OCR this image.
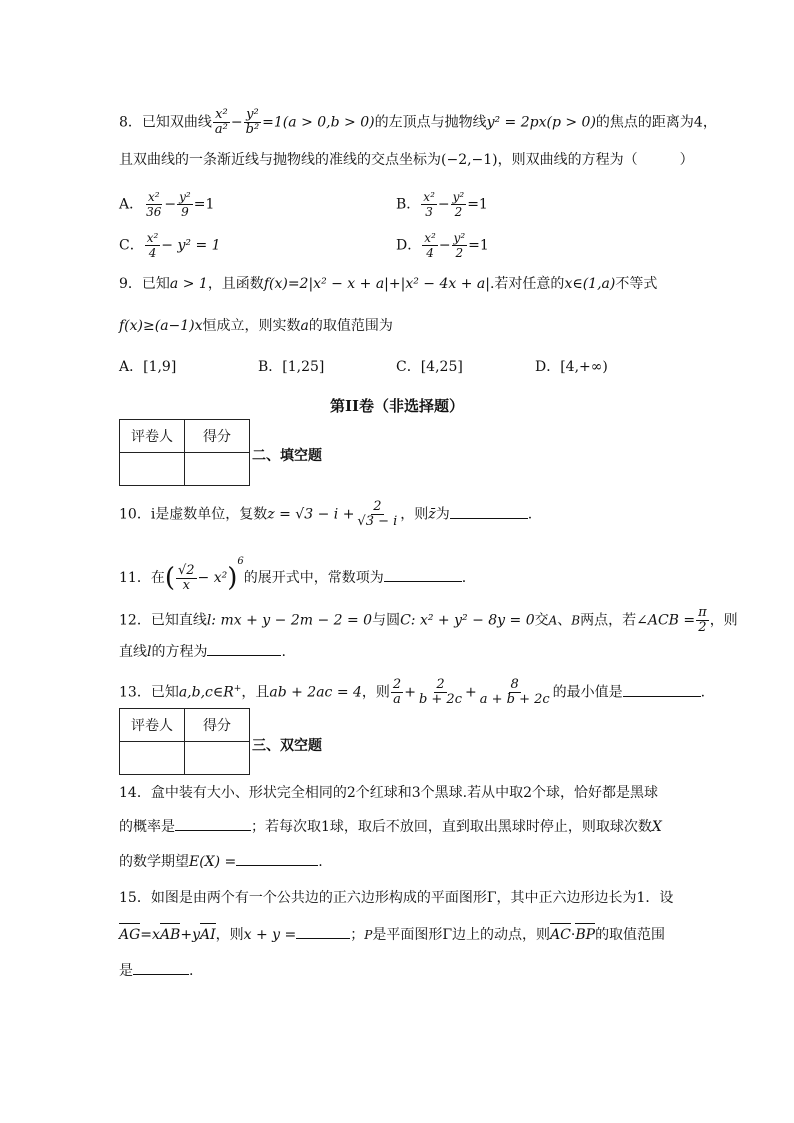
8．已知双曲线 $\frac{\text{x²}}{\text{a²}} - \frac{\text{y²}}{\text{b²}} =1(a > 0,b > 0)$的左顶点与抛物线y² = 2px(p > 0)的焦点的距离为4，
且双曲线的一条渐近线与抛物线的准线的交点坐标为(−2,−1)，则双曲线的方程为（　　　）
A． $\frac{\text{x²}}{36} - \frac{\text{y²}}{9} =1$	B． $\frac{\text{x²}}{3} - \frac{\text{y²}}{2} =1$
C． $\frac{\text{x²}}{4} - y^2 = 1$	D． $\frac{\text{x²}}{4} - \frac{\text{y²}}{2} =1$
9．已知a > 1，且函数f(x)=2|x² − x + a|+|x² − 4x + a|.若对任意的x∈(1,a)不等式
f(x)≥(a−1)x恒成立，则实数a的取值范围为
A．[1,9]	B．[1,25]	C．[4,25]	D．[4,+∞)
第II卷（非选择题）
评卷人	得分

二、填空题
10．i是虚数单位，复数$z = √3 - i + \frac{2}{√3 - i}$ ，则z̄为	.
11．在( $\frac{√2}{x} - x^2)^6$的展开式中，常数项为	.
12．已知直线l: mx + y − 2m − 2 = 0与圆C: x² + y² − 8y = 0交A、B两点，若∠ACB = $\frac{\pi}{2}$ ，则
直线l的方程为	.
13．已知a,b,c∈R+，且ab + 2ac = 4，则 $\frac{2}{a} + \frac{2}{b + 2c} + \frac{8}{a + b + 2c}$ 的最小值是	.
评卷人	得分

三、双空题
14．盒中装有大小、形状完全相同的2个红球和3个黑球.若从中取2个球，恰好都是黑球
的概率是	；若每次取1球，取后不放回，直到取出黑球时停止，则取球次数X
的数学期望E(X) =	.
15．如图是由两个有一个公共边的正六边形构成的平面图形Γ，其中正六边形边长为1．设
AG=xAB+yAI，则x + y =	；P是平面图形Γ边上的动点，则AC·BP的取值范围
是	.
